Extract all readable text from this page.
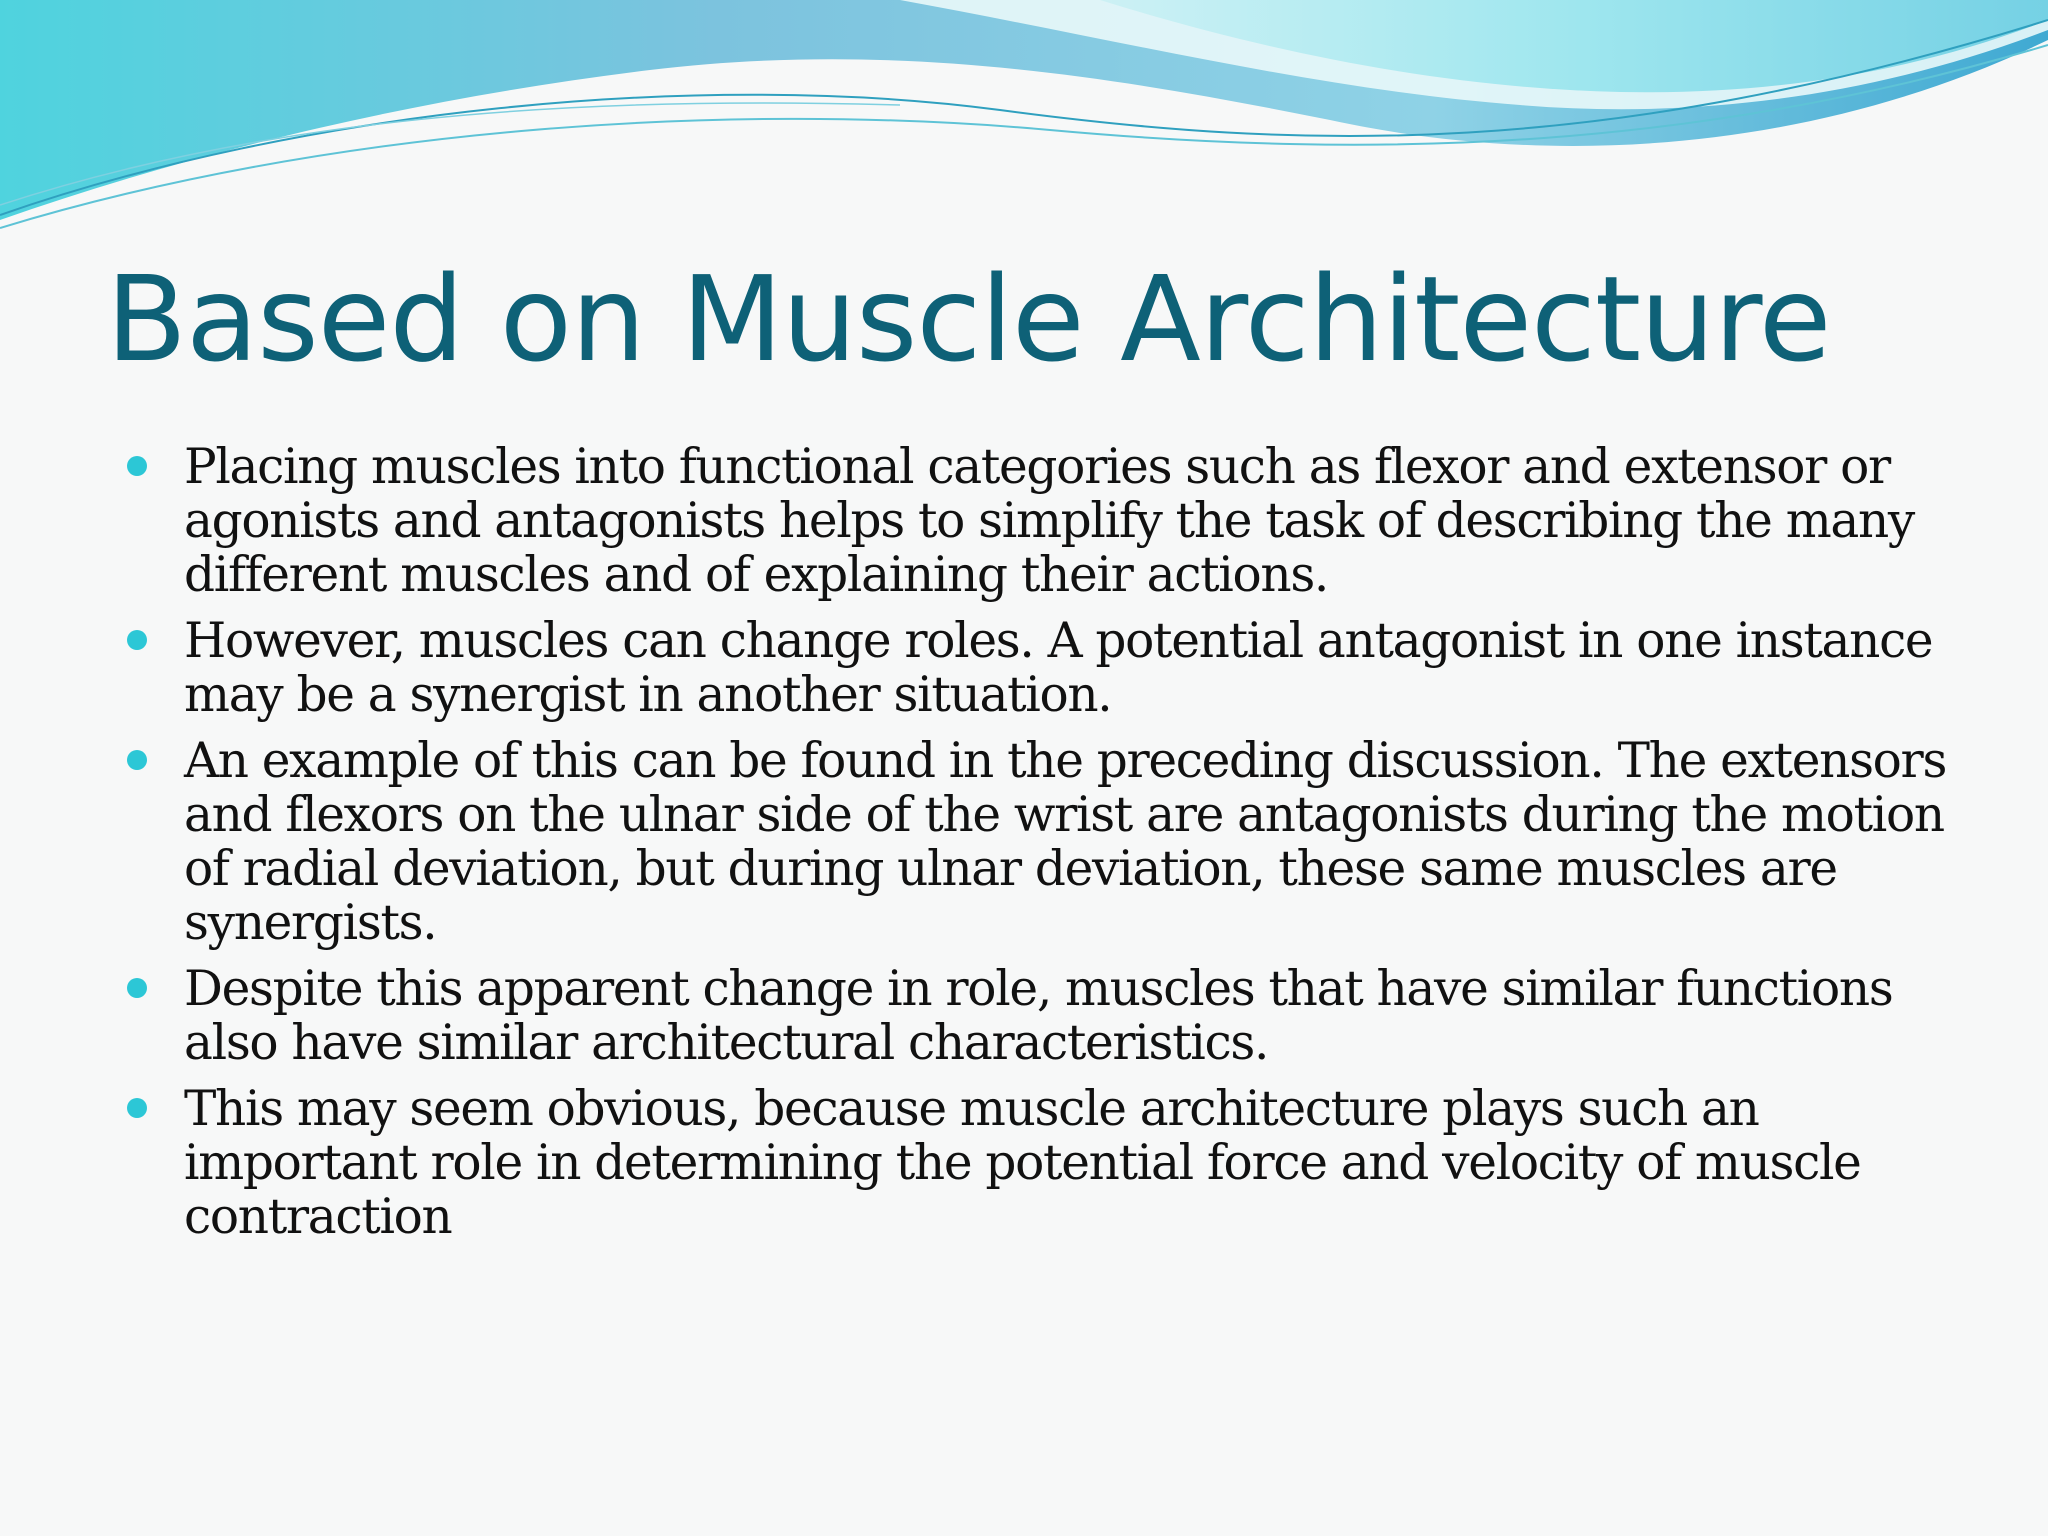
Based on Muscle Architecture
Placing muscles into functional categories such as flexor and extensor or agonists and antagonists helps to simplify the task of describing the many different muscles and of explaining their actions.
However, muscles can change roles. A potential antagonist in one instance may be a synergist in another situation.
An example of this can be found in the preceding discussion. The extensors and flexors on the ulnar side of the wrist are antagonists during the motion of radial deviation, but during ulnar deviation, these same muscles are synergists.
Despite this apparent change in role, muscles that have similar functions also have similar architectural characteristics.
This may seem obvious, because muscle architecture plays such an important role in determining the potential force and velocity of muscle contraction
